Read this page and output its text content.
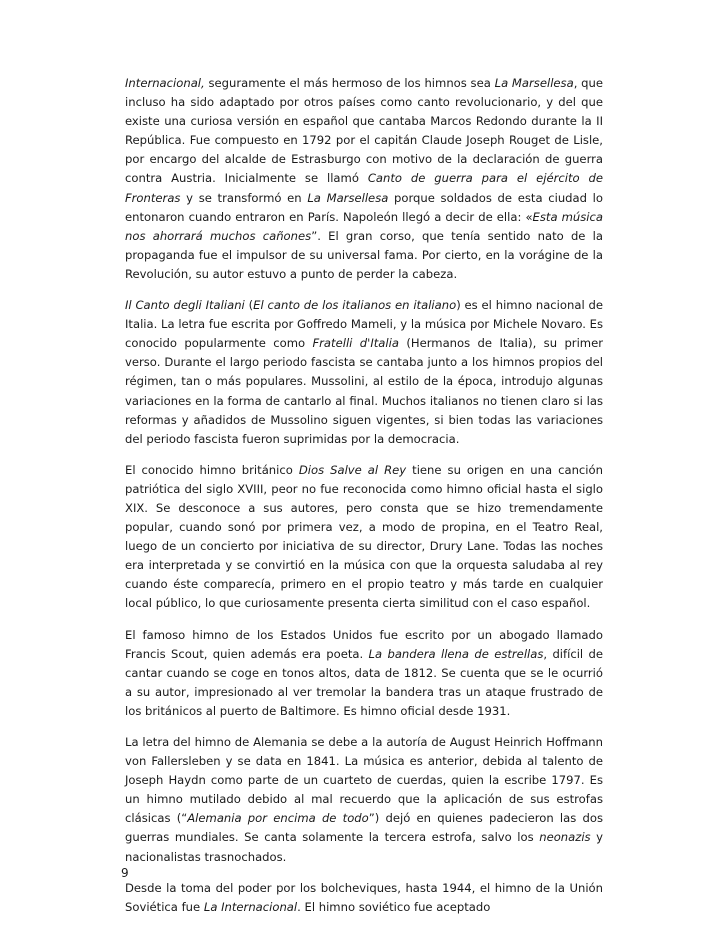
Internacional, seguramente el más hermoso de los himnos sea La Marsellesa, que incluso ha sido adaptado por otros países como canto revolucionario, y del que existe una curiosa versión en español que cantaba Marcos Redondo durante la II República. Fue compuesto en 1792 por el capitán Claude Joseph Rouget de Lisle, por encargo del alcalde de Estrasburgo con motivo de la declaración de guerra contra Austria. Inicialmente se llamó Canto de guerra para el ejército de Fronteras y se transformó en La Marsellesa porque soldados de esta ciudad lo entonaron cuando entraron en París. Napoleón llegó a decir de ella: «Esta música nos ahorrará muchos cañones”. El gran corso, que tenía sentido nato de la propaganda fue el impulsor de su universal fama. Por cierto, en la vorágine de la Revolución, su autor estuvo a punto de perder la cabeza.

Il Canto degli Italiani (El canto de los italianos en italiano) es el himno nacional de Italia. La letra fue escrita por Goffredo Mameli, y la música por Michele Novaro. Es conocido popularmente como Fratelli d'Italia (Hermanos de Italia), su primer verso. Durante el largo periodo fascista se cantaba junto a los himnos propios del régimen, tan o más populares. Mussolini, al estilo de la época, introdujo algunas variaciones en la forma de cantarlo al final. Muchos italianos no tienen claro si las reformas y añadidos de Mussolino siguen vigentes, si bien todas las variaciones del periodo fascista fueron suprimidas por la democracia.

El conocido himno británico Dios Salve al Rey tiene su origen en una canción patriótica del siglo XVIII, peor no fue reconocida como himno oficial hasta el siglo XIX. Se desconoce a sus autores, pero consta que se hizo tremendamente popular, cuando sonó por primera vez, a modo de propina, en el Teatro Real, luego de un concierto por iniciativa de su director, Drury Lane. Todas las noches era interpretada y se convirtió en la música con que la orquesta saludaba al rey cuando éste comparecía, primero en el propio teatro y más tarde en cualquier local público, lo que curiosamente presenta cierta similitud con el caso español.

El famoso himno de los Estados Unidos fue escrito por un abogado llamado Francis Scout, quien además era poeta. La bandera llena de estrellas, difícil de cantar cuando se coge en tonos altos, data de 1812. Se cuenta que se le ocurrió a su autor, impresionado al ver tremolar la bandera tras un ataque frustrado de los británicos al puerto de Baltimore. Es himno oficial desde 1931.

La letra del himno de Alemania se debe a la autoría de August Heinrich Hoffmann von Fallersleben y se data en 1841. La música es anterior, debida al talento de Joseph Haydn como parte de un cuarteto de cuerdas, quien la escribe 1797. Es un himno mutilado debido al mal recuerdo que la aplicación de sus estrofas clásicas (“Alemania por encima de todo”) dejó en quienes padecieron las dos guerras mundiales. Se canta solamente la tercera estrofa, salvo los neonazis y nacionalistas trasnochados.

Desde la toma del poder por los bolcheviques, hasta 1944, el himno de la Unión Soviética fue La Internacional. El himno soviético fue aceptado

9
